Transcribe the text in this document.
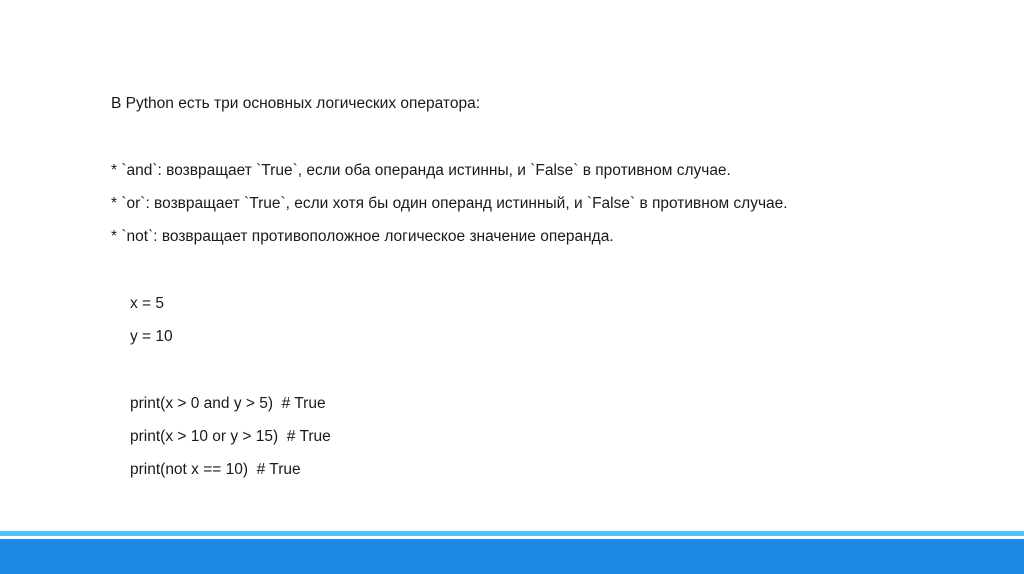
В Python есть три основных логических оператора:
* `and`: возвращает `True`, если оба операнда истинны, и `False` в противном случае.
* `or`: возвращает `True`, если хотя бы один операнд истинный, и `False` в противном случае.
* `not`: возвращает противоположное логическое значение операнда.
x = 5
y = 10
print(x > 0 and y > 5)  # True
print(x > 10 or y > 15)  # True
print(not x == 10)  # True
